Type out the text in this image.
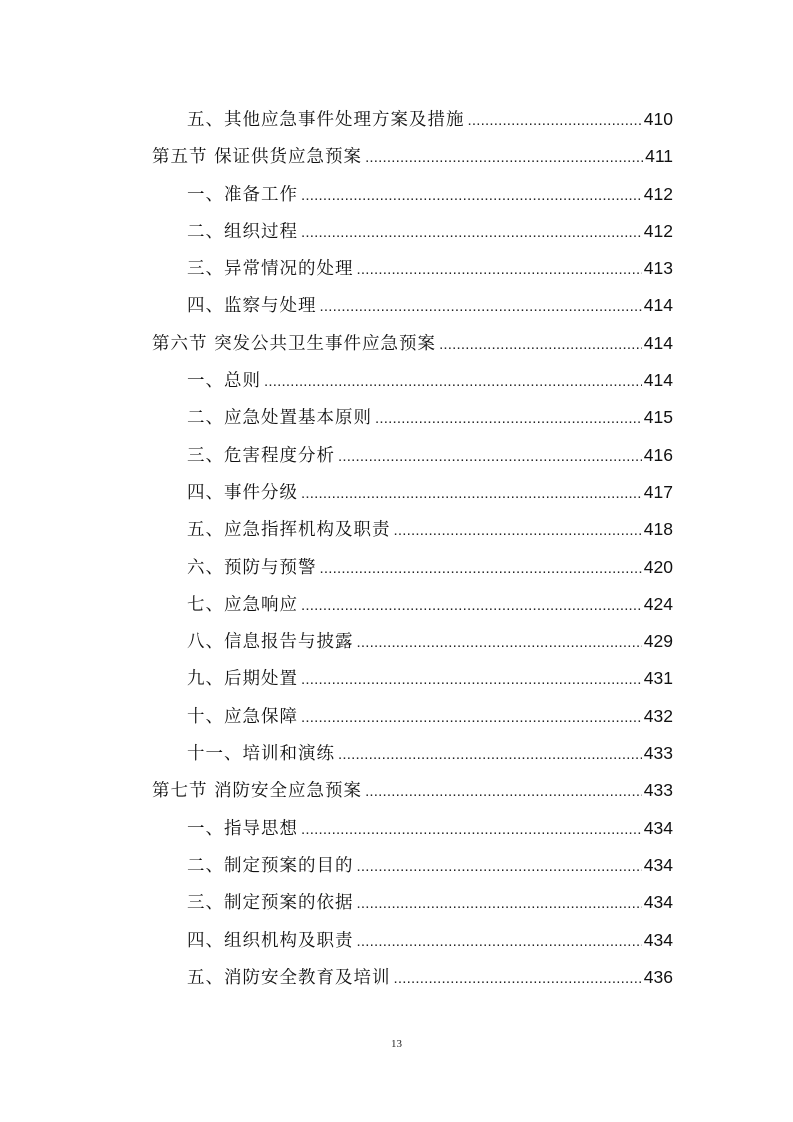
五、其他应急事件处理方案及措施 .....	410
第五节 保证供货应急预案 .....	411
一、准备工作 .....	412
二、组织过程 .....	412
三、异常情况的处理 .....	413
四、监察与处理 .....	414
第六节 突发公共卫生事件应急预案 .....	414
一、总则 .....	414
二、应急处置基本原则 .....	415
三、危害程度分析 .....	416
四、事件分级 .....	417
五、应急指挥机构及职责 .....	418
六、预防与预警 .....	420
七、应急响应 .....	424
八、信息报告与披露 .....	429
九、后期处置 .....	431
十、应急保障 .....	432
十一、培训和演练 .....	433
第七节 消防安全应急预案 .....	433
一、指导思想 .....	434
二、制定预案的目的 .....	434
三、制定预案的依据 .....	434
四、组织机构及职责 .....	434
五、消防安全教育及培训 .....	436
13
